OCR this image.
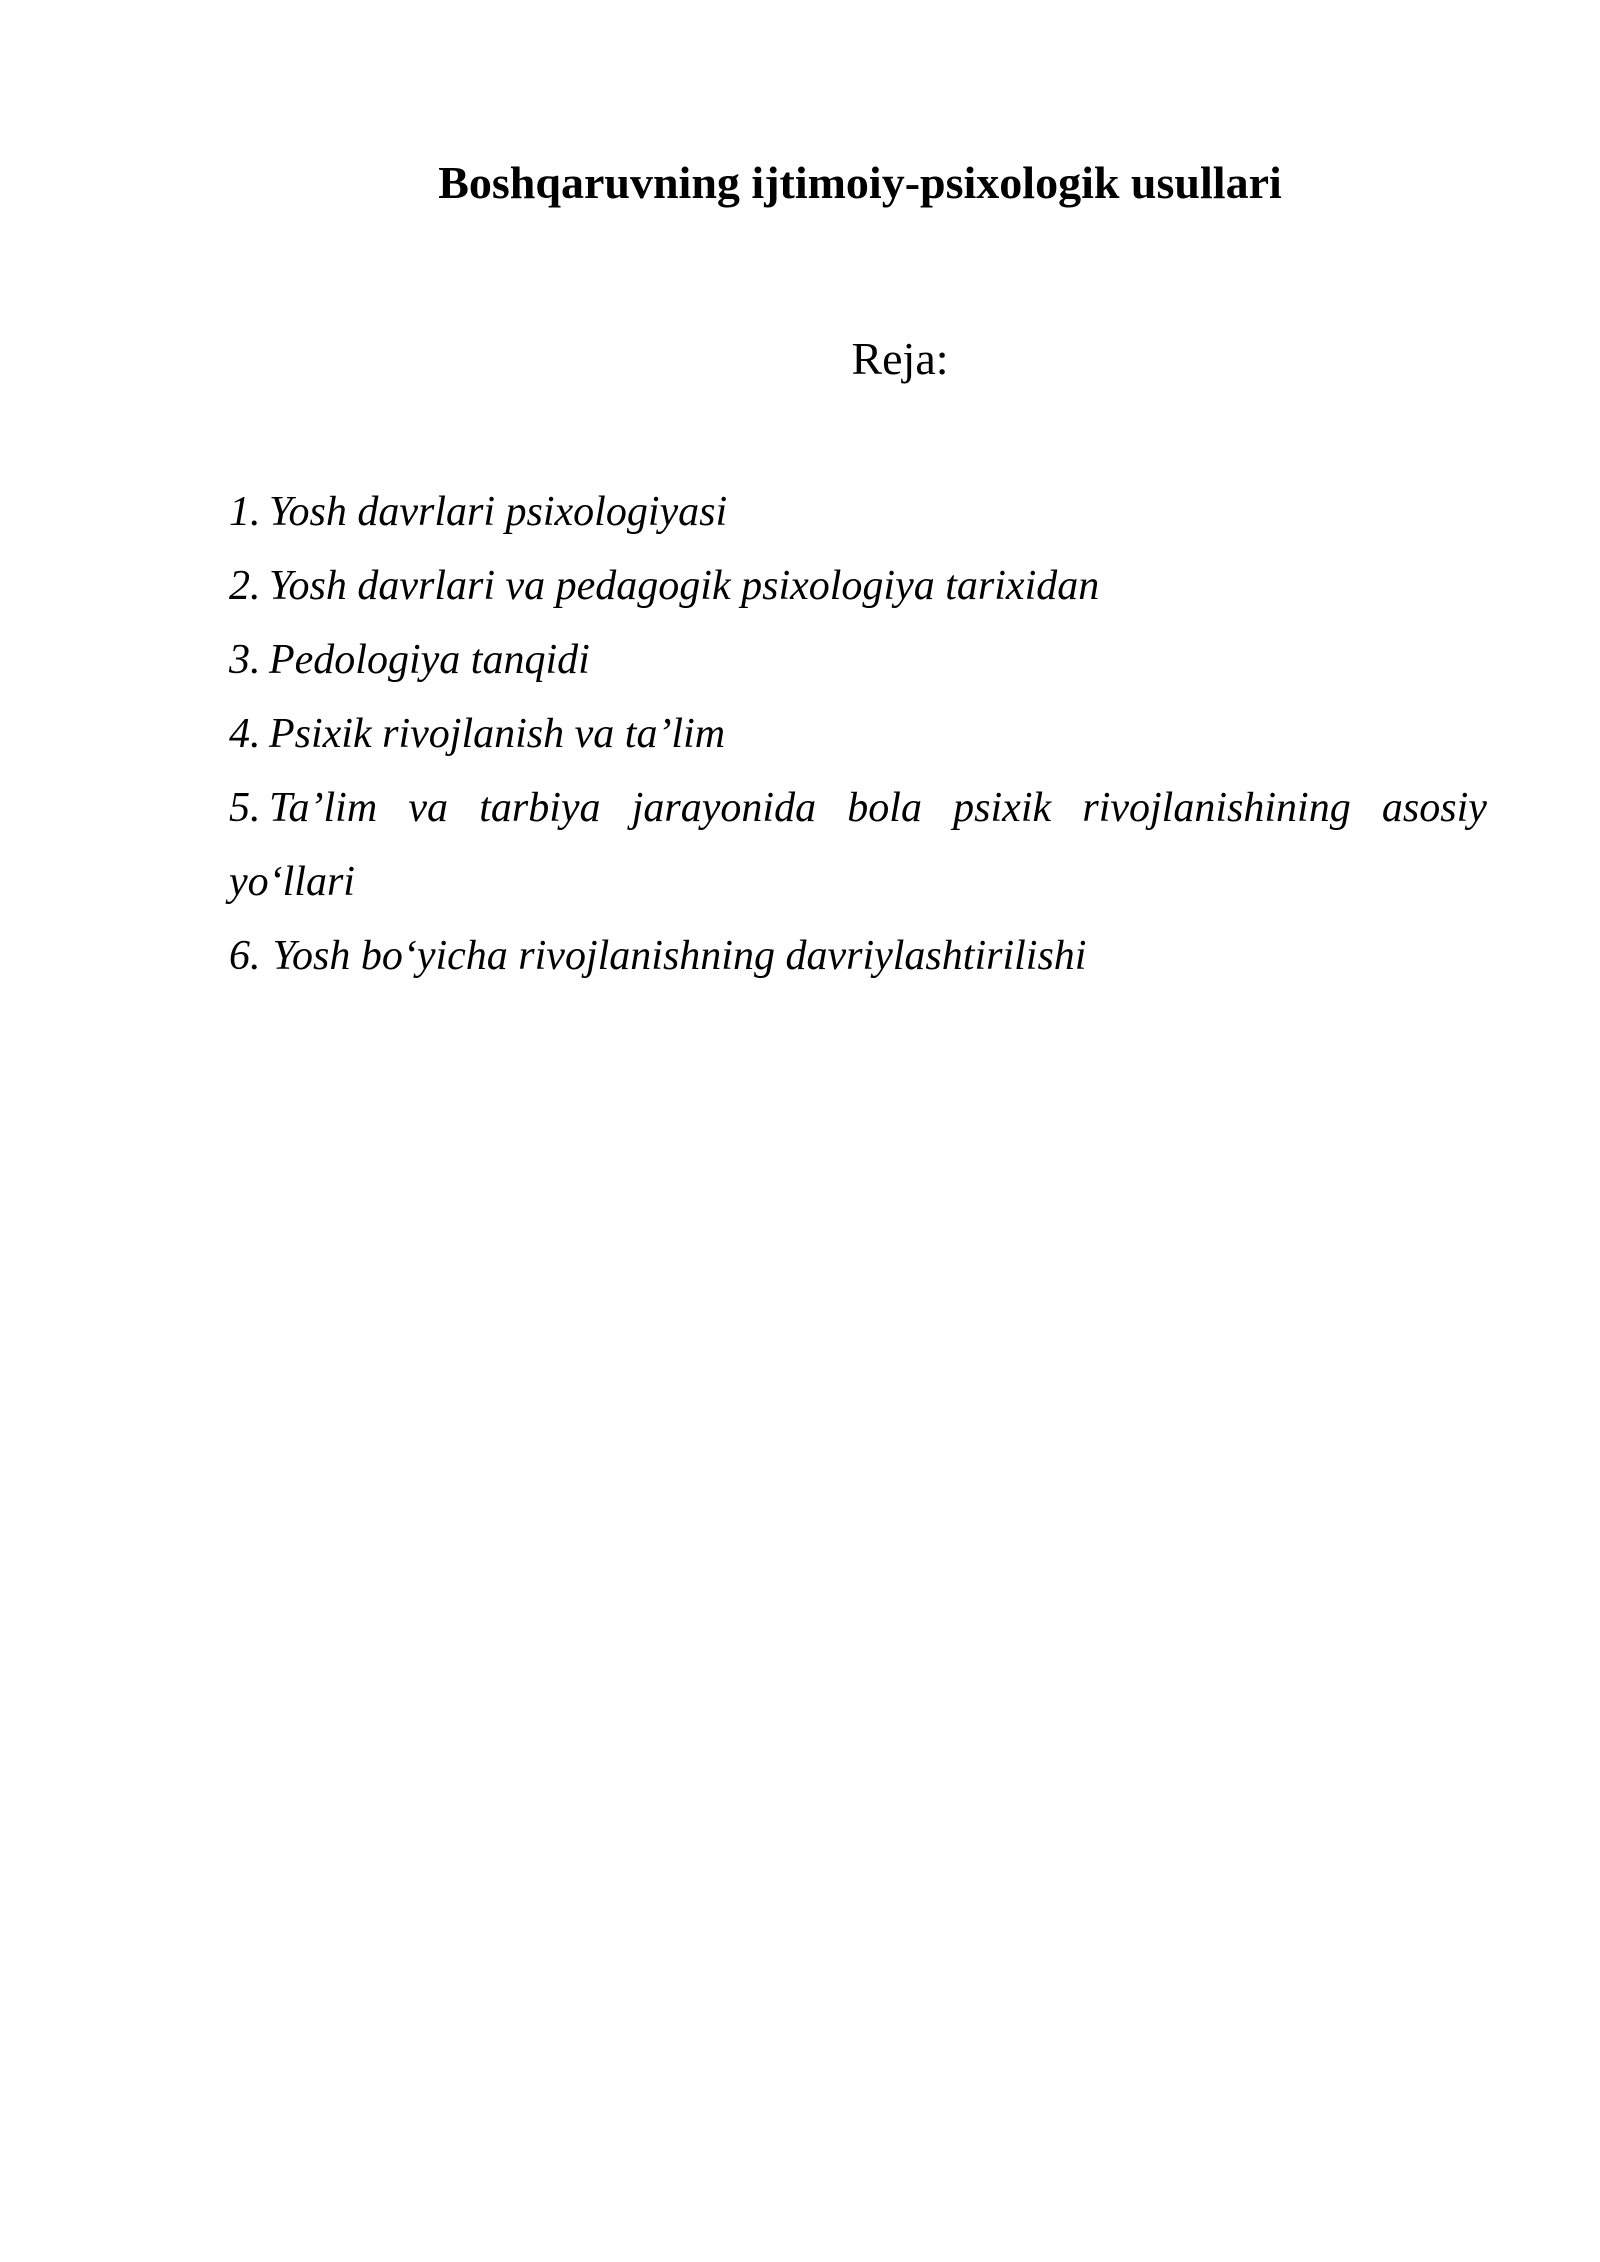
Boshqaruvning ijtimoiy-psixologik usullari
Reja:
1. Yosh davrlari psixologiyasi
2. Yosh davrlari va pedagogik psixologiya tarixidan
3. Pedologiya tanqidi
4. Psixik rivojlanish va ta’lim
5. Ta’lim va tarbiya jarayonida bola psixik rivojlanishining asosiy
yo‘llari
6. Yosh bo‘yicha rivojlanishning davriylashtirilishi
